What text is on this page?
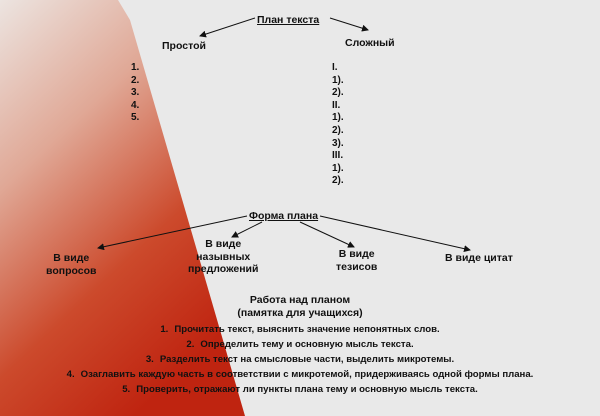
План текста
Простой	Сложный
1.
2.
3.
4.
5.
I.
1).
2).
II.
1).
2).
3).
III.
1).
2).
Форма плана
В виде
вопросов
В виде
назывных
предложений
В виде
тезисов
В виде цитат
Работа над планом
(памятка для учащихся)
1. Прочитать текст, выяснить значение непонятных слов.
2. Определить тему и основную мысль текста.
3. Разделить текст на смысловые части, выделить микротемы.
4. Озаглавить каждую часть в соответствии с микротемой, придерживаясь одной формы плана.
5. Проверить, отражают ли пункты плана тему и основную мысль текста.
